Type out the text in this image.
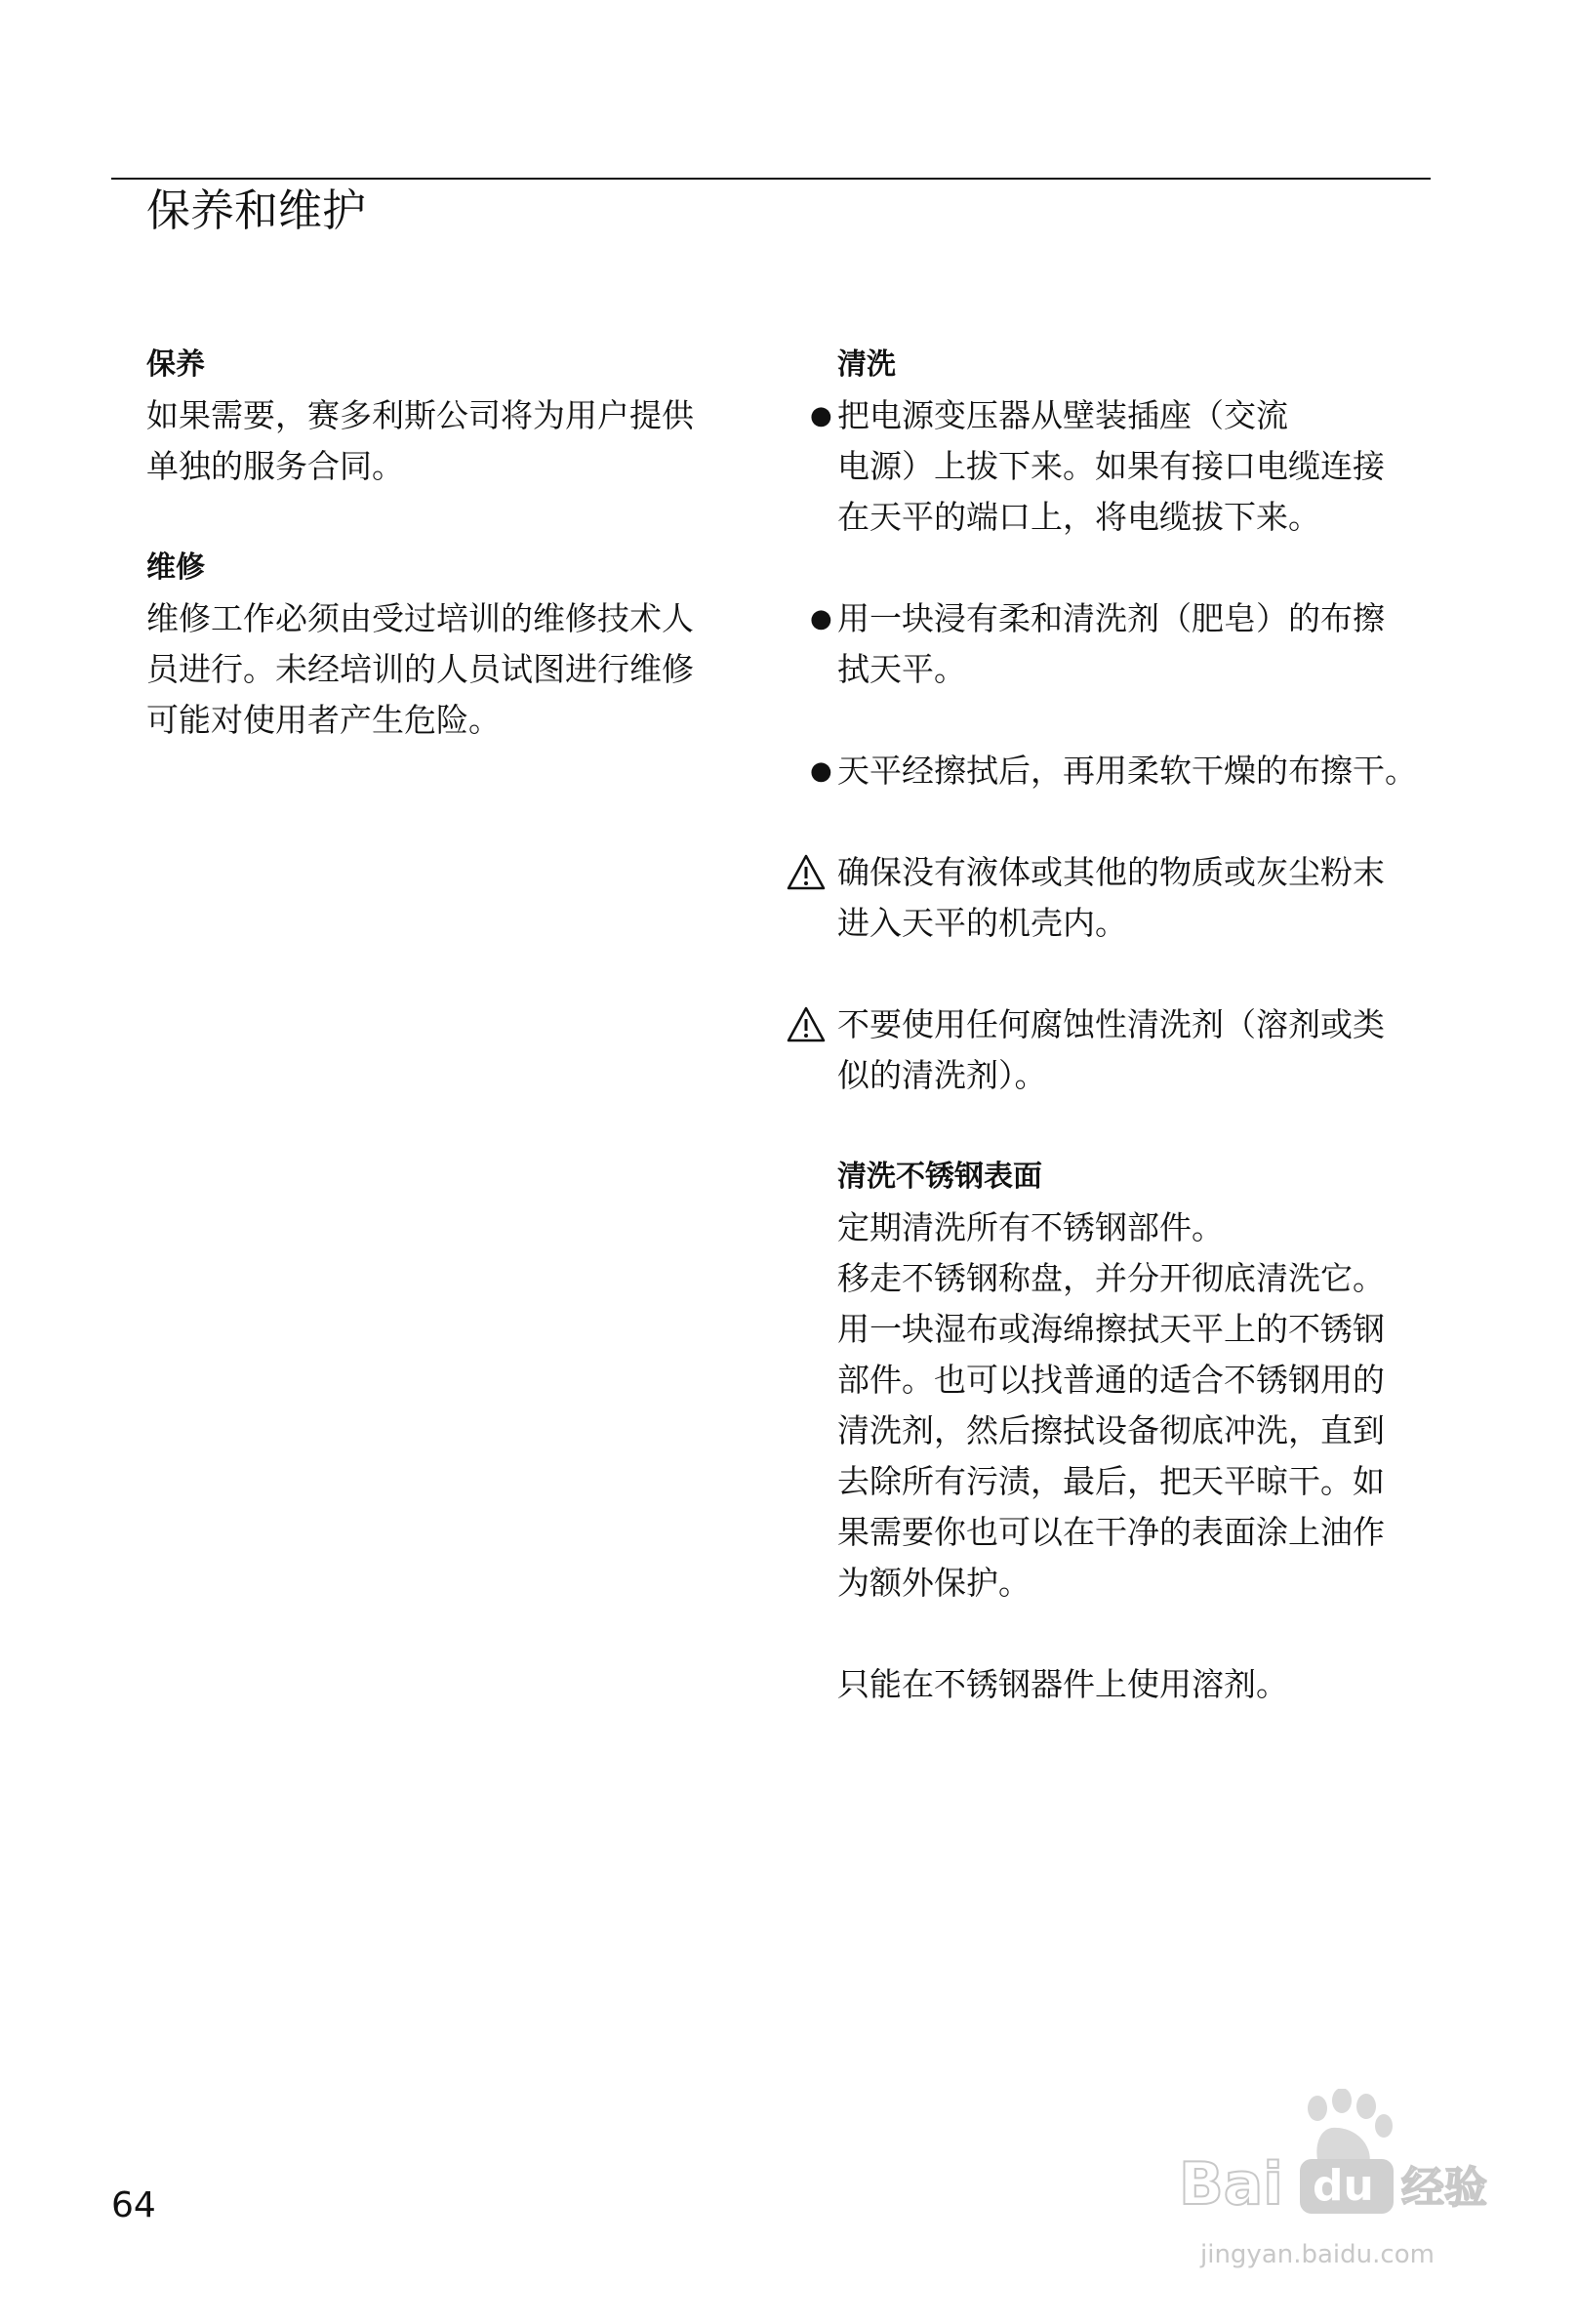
保养和维护
保养

如果需要，赛多利斯公司将为用户提供

单独的服务合同。

维修

维修工作必须由受过培训的维修技术人

员进行。未经培训的人员试图进行维修

可能对使用者产生危险。

清洗
● 把电源变压器从壁装插座（交流

电源）上拔下来。如果有接口电缆连接

在天平的端口上，将电缆拔下来。

● 用一块浸有柔和清洗剂（肥皂）的布擦

拭天平。

● 天平经擦拭后，再用柔软干燥的布擦干。

确保没有液体或其他的物质或灰尘粉末

进入天平的机壳内。

不要使用任何腐蚀性清洗剂（溶剂或类

似的清洗剂）。

清洗不锈钢表面

定期清洗所有不锈钢部件。

移走不锈钢称盘，并分开彻底清洗它。

用一块湿布或海绵擦拭天平上的不锈钢

部件。也可以找普通的适合不锈钢用的

清洗剂，然后擦拭设备彻底冲洗，直到

去除所有污渍，最后，把天平晾干。如

果需要你也可以在干净的表面涂上油作

为额外保护。

只能在不锈钢器件上使用溶剂。

64	Bai du 经验
jingyan.baidu.com
